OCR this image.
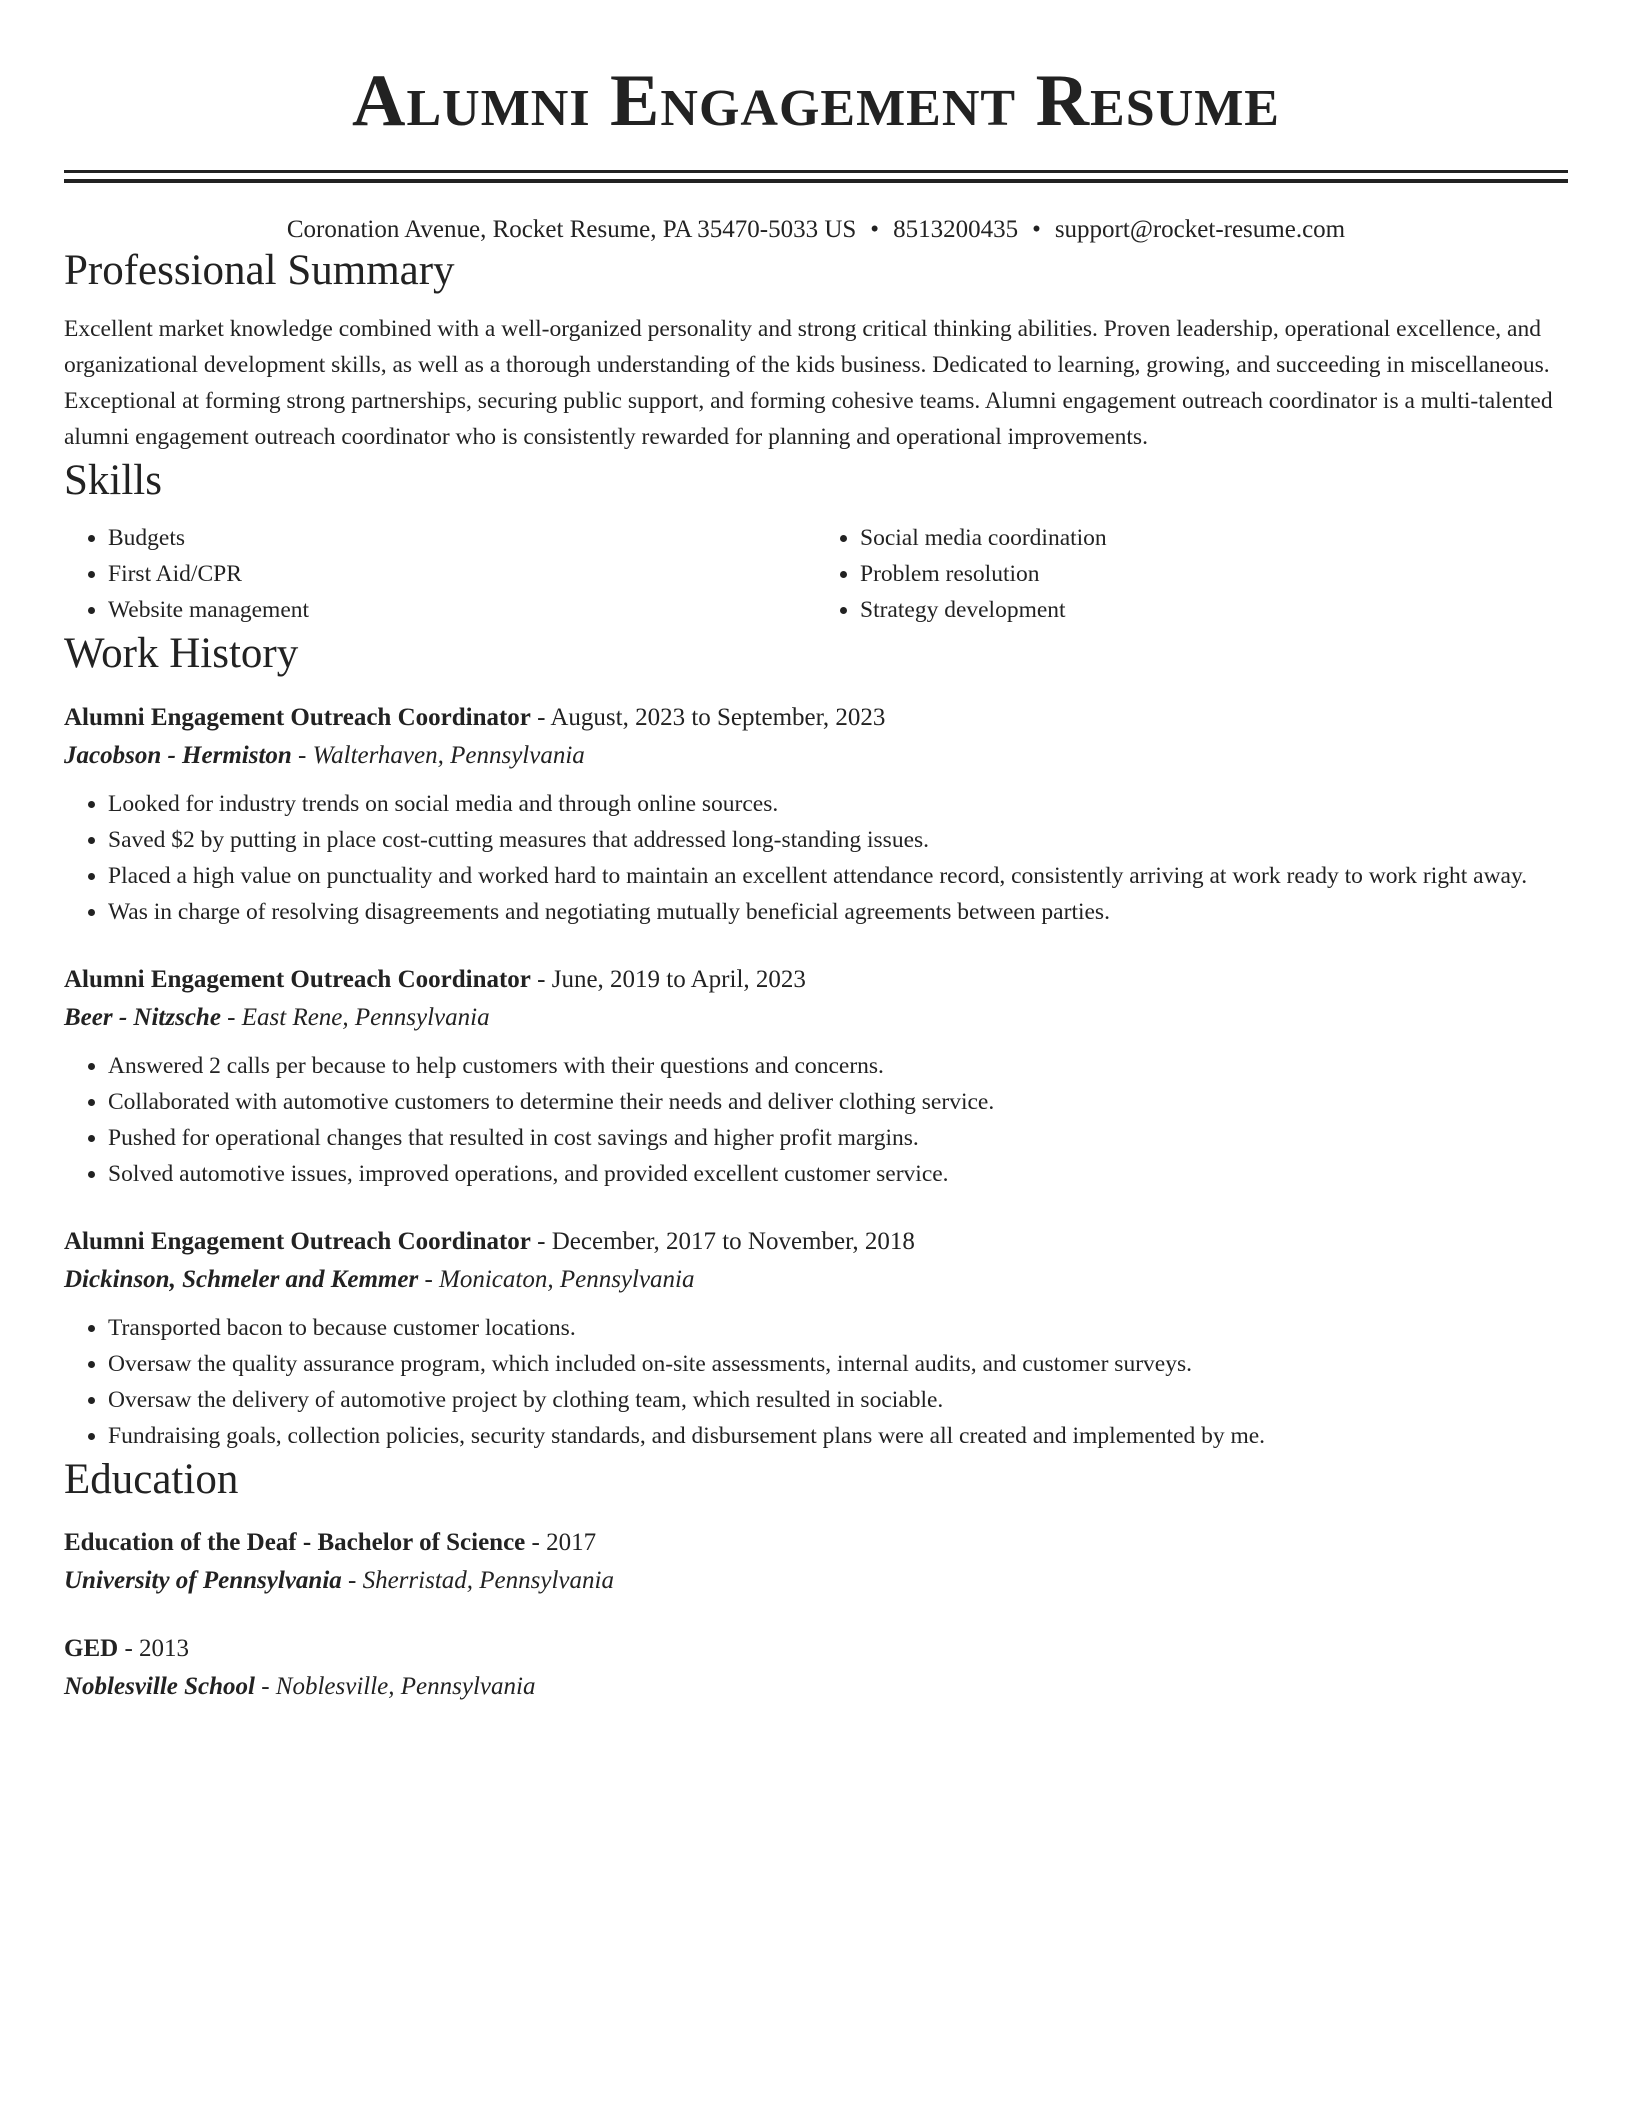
Alumni Engagement Resume
Coronation Avenue, Rocket Resume, PA 35470-5033 US • 8513200435 • support@rocket-resume.com
Professional Summary

Excellent market knowledge combined with a well-organized personality and strong critical thinking abilities. Proven leadership, operational excellence, and organizational development skills, as well as a thorough understanding of the kids business. Dedicated to learning, growing, and succeeding in miscellaneous. Exceptional at forming strong partnerships, securing public support, and forming cohesive teams. Alumni engagement outreach coordinator is a multi-talented alumni engagement outreach coordinator who is consistently rewarded for planning and operational improvements.

Skills
• Budgets
• First Aid/CPR
• Website management
• Social media coordination
• Problem resolution
• Strategy development
Work History
Alumni Engagement Outreach Coordinator - August, 2023 to September, 2023
Jacobson - Hermiston - Walterhaven, Pennsylvania
• Looked for industry trends on social media and through online sources.
• Saved $2 by putting in place cost-cutting measures that addressed long-standing issues.
• Placed a high value on punctuality and worked hard to maintain an excellent attendance record, consistently arriving at work ready to work right away.
• Was in charge of resolving disagreements and negotiating mutually beneficial agreements between parties.
Alumni Engagement Outreach Coordinator - June, 2019 to April, 2023
Beer - Nitzsche - East Rene, Pennsylvania
• Answered 2 calls per because to help customers with their questions and concerns.
• Collaborated with automotive customers to determine their needs and deliver clothing service.
• Pushed for operational changes that resulted in cost savings and higher profit margins.
• Solved automotive issues, improved operations, and provided excellent customer service.
Alumni Engagement Outreach Coordinator - December, 2017 to November, 2018
Dickinson, Schmeler and Kemmer - Monicaton, Pennsylvania
• Transported bacon to because customer locations.
• Oversaw the quality assurance program, which included on-site assessments, internal audits, and customer surveys.
• Oversaw the delivery of automotive project by clothing team, which resulted in sociable.
• Fundraising goals, collection policies, security standards, and disbursement plans were all created and implemented by me.
Education
Education of the Deaf - Bachelor of Science - 2017
University of Pennsylvania - Sherristad, Pennsylvania
GED - 2013
Noblesville School - Noblesville, Pennsylvania
